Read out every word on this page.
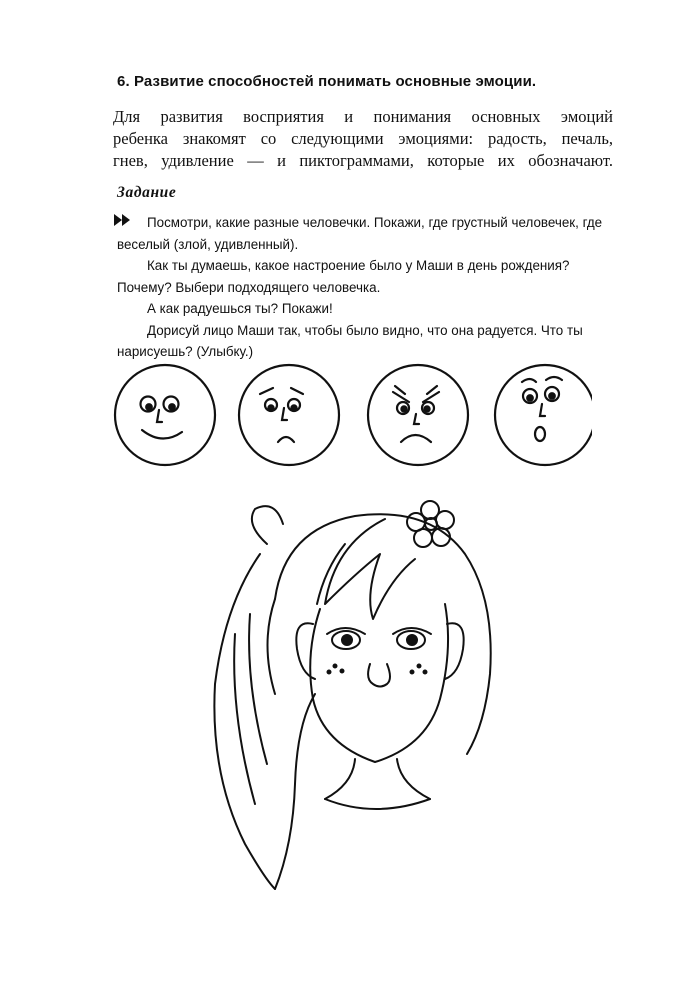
6. Развитие способностей понимать основные эмоции.

Для развития восприятия и понимания основных эмоций

ребенка знакомят со следующими эмоциями: радость, печаль,

гнев, удивление — и пиктограммами, которые их обозначают.

Задание

Посмотри, какие разные человечки. Покажи, где грустный человечек, где веселый (злой, удивленный).

Как ты думаешь, какое настроение было у Маши в день рождения? Почему? Выбери подходящего человечка.

А как радуешься ты? Покажи!

Дорисуй лицо Маши так, чтобы было видно, что она радуется. Что ты нарисуешь? (Улыбку.)
